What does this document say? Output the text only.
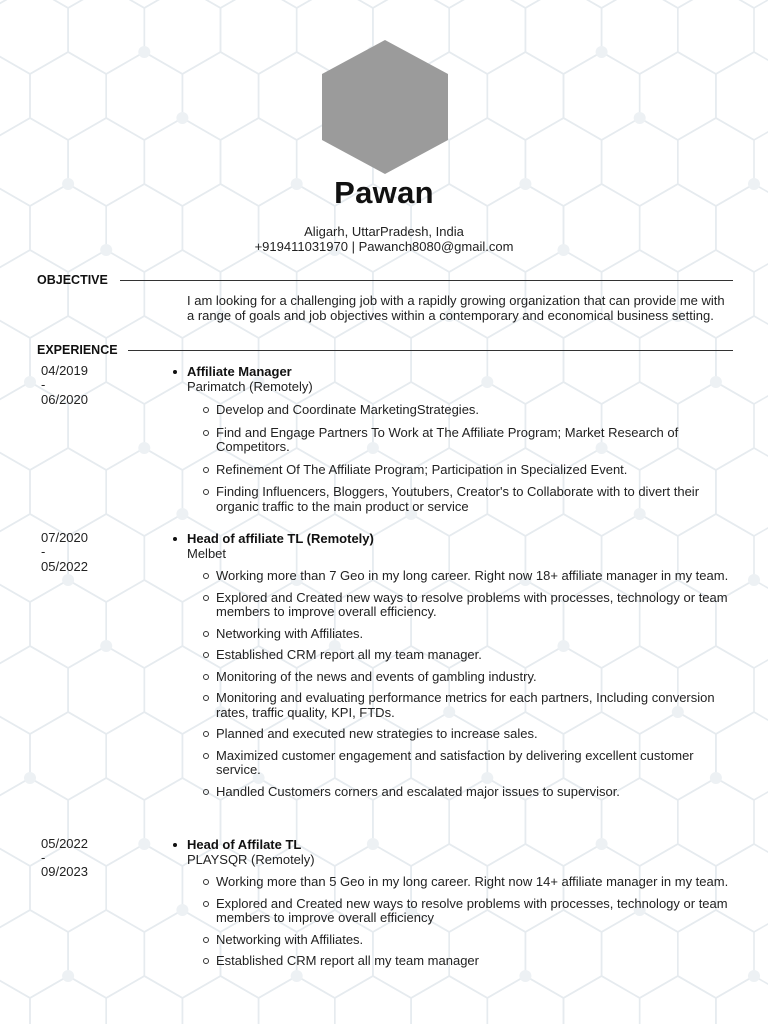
Pawan
Aligarh, UttarPradesh, India
+919411031970 | Pawanch8080@gmail.com
OBJECTIVE
I am looking for a challenging job with a rapidly growing organization that can provide me with a range of goals and job objectives within a contemporary and economical business setting.
EXPERIENCE
04/2019
-
06/2020
Affiliate Manager
Parimatch (Remotely)
Develop and Coordinate MarketingStrategies.
Find and Engage Partners To Work at The Affiliate Program; Market Research of Competitors.
Refinement Of The Affiliate Program; Participation in Specialized Event.
Finding Influencers, Bloggers, Youtubers, Creator's to Collaborate with to divert their organic traffic to the main product or service
07/2020
-
05/2022
Head of affiliate TL (Remotely)
Melbet
Working more than 7 Geo in my long career. Right now 18+ affiliate manager in my team.
Explored and Created new ways to resolve problems with processes, technology or team members to improve overall efficiency.
Networking with Affiliates.
Established CRM report all my team manager.
Monitoring of the news and events of gambling industry.
Monitoring and evaluating performance metrics for each partners, Including conversion rates, traffic quality, KPI, FTDs.
Planned and executed new strategies to increase sales.
Maximized customer engagement and satisfaction by delivering excellent customer service.
Handled Customers corners and escalated major issues to supervisor.
05/2022
-
09/2023
Head of Affilate TL
PLAYSQR (Remotely)
Working more than 5 Geo in my long career. Right now 14+ affiliate manager in my team.
Explored and Created new ways to resolve problems with processes, technology or team members to improve overall efficiency
Networking with Affiliates.
Established CRM report all my team manager
